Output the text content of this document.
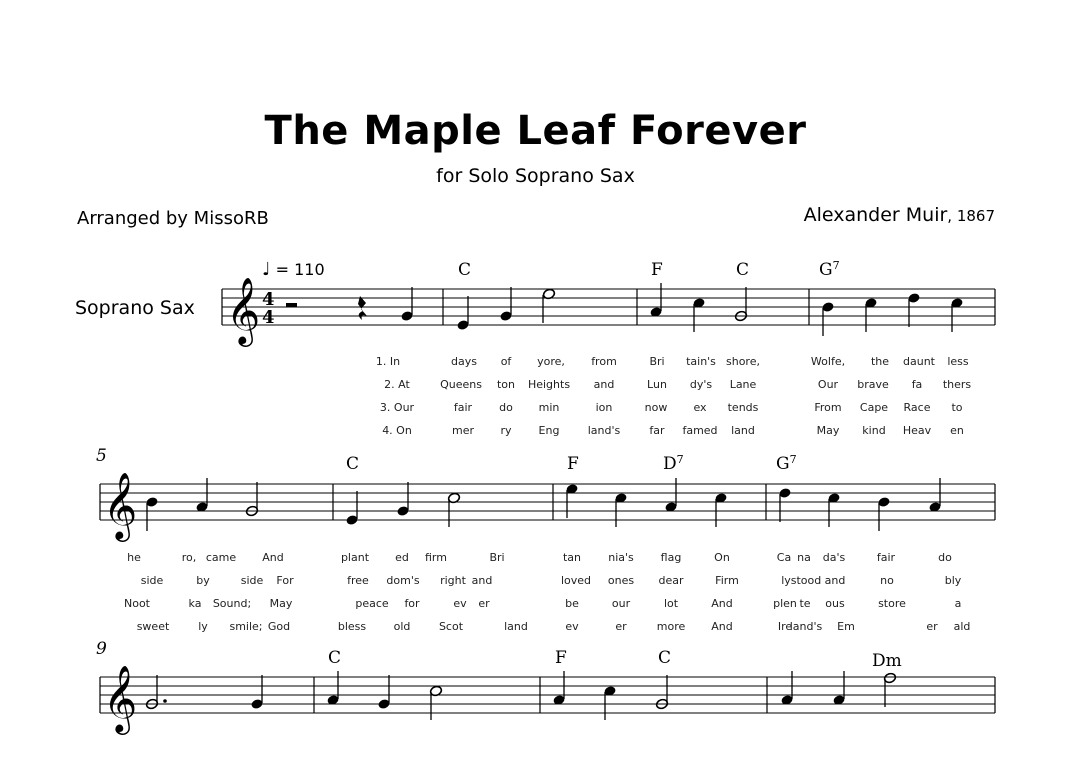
The Maple Leaf Forever
for Solo Soprano Sax
Arranged by MissoRB	Alexander Muir, 1867
Soprano Sax
♩ = 110
𝄞 4
4
C	F	C	$G^7$
1. In	days of yore, from	Bri tain's shore,	Wolfe, the daunt less
2. At	Queens ton Heights and	Lun dy's Lane	Our brave fa thers
3. Our	fair do min	ion	now ex tends	From Cape Race to
4. On	mer ry Eng	land's	far famed land	May kind Heav en
5
𝄞
C	F	$D^7$	$G^7$
he	ro, came And	plant ed firm	Bri	tan nia's flag	On	Ca na da's	fair	do
side	by	side For	free dom's right and	loved ones dear	Firm	ly stood and	no	bly
Noot	ka Sound; May	peace for	ev er	be	our	lot	And	plen te ous	store	a
sweet	ly smile; God	bless old	Scot	land	ev	er	more And	Ire
land's Em	er ald
9
𝄞
C	F	C	Dm
